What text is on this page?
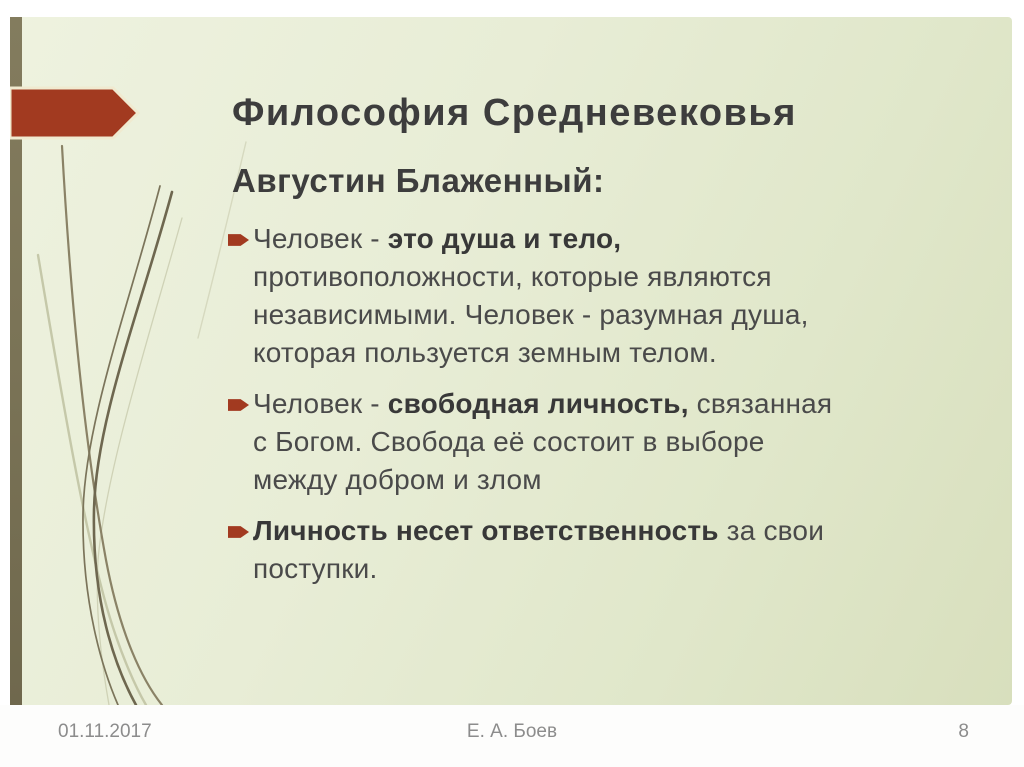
Философия Средневековья
Августин Блаженный:
Человек - это душа и тело, противоположности, которые являются независимыми. Человек - разумная душа, которая пользуется земным телом.
Человек - свободная личность, связанная с Богом. Свобода её состоит в выборе между добром и злом
Личность несет ответственность за свои поступки.
01.11.2017	Е. А. Боев	8
